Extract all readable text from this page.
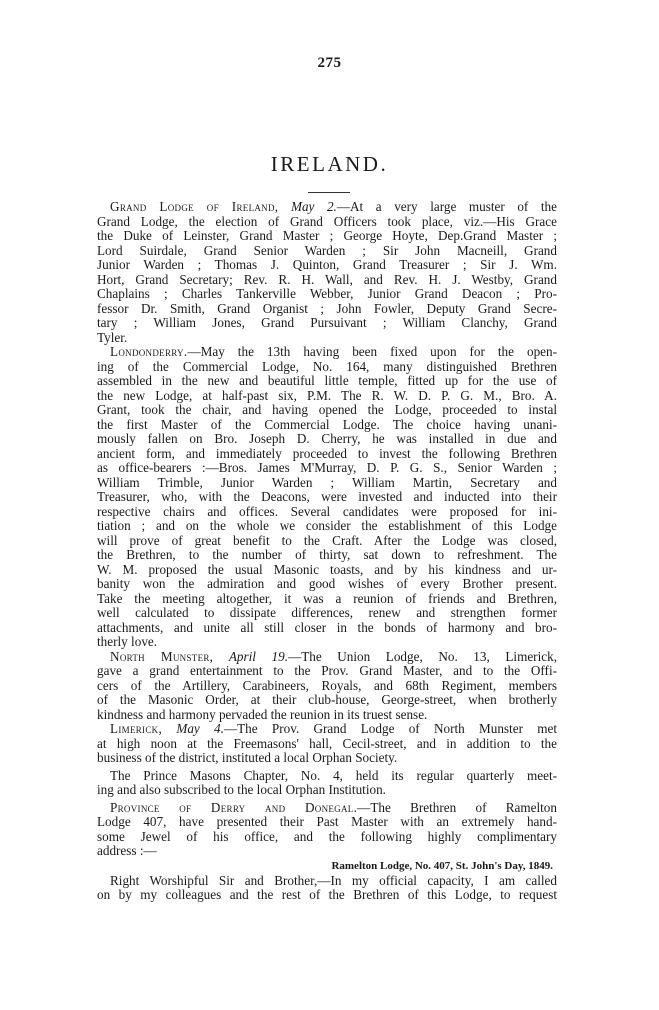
275
IRELAND.
Grand Lodge of Ireland, May 2.—At a very large muster of the
Grand Lodge, the election of Grand Officers took place, viz.—His Grace
the Duke of Leinster, Grand Master ; George Hoyte, Dep.Grand Master ;
Lord Suirdale, Grand Senior Warden ; Sir John Macneill, Grand
Junior Warden ; Thomas J. Quinton, Grand Treasurer ; Sir J. Wm.
Hort, Grand Secretary; Rev. R. H. Wall, and Rev. H. J. Westby, Grand
Chaplains ; Charles Tankerville Webber, Junior Grand Deacon ; Pro-
fessor Dr. Smith, Grand Organist ; John Fowler, Deputy Grand Secre-
tary ; William Jones, Grand Pursuivant ; William Clanchy, Grand
Tyler.
Londonderry.—May the 13th having been fixed upon for the open-
ing of the Commercial Lodge, No. 164, many distinguished Brethren
assembled in the new and beautiful little temple, fitted up for the use of
the new Lodge, at half-past six, P.M. The R. W. D. P. G. M., Bro. A.
Grant, took the chair, and having opened the Lodge, proceeded to instal
the first Master of the Commercial Lodge. The choice having unani-
mously fallen on Bro. Joseph D. Cherry, he was installed in due and
ancient form, and immediately proceeded to invest the following Brethren
as office-bearers :—Bros. James M'Murray, D. P. G. S., Senior Warden ;
William Trimble, Junior Warden ; William Martin, Secretary and
Treasurer, who, with the Deacons, were invested and inducted into their
respective chairs and offices. Several candidates were proposed for ini-
tiation ; and on the whole we consider the establishment of this Lodge
will prove of great benefit to the Craft. After the Lodge was closed,
the Brethren, to the number of thirty, sat down to refreshment. The
W. M. proposed the usual Masonic toasts, and by his kindness and ur-
banity won the admiration and good wishes of every Brother present.
Take the meeting altogether, it was a reunion of friends and Brethren,
well calculated to dissipate differences, renew and strengthen former
attachments, and unite all still closer in the bonds of harmony and bro-
therly love.
North Munster, April 19.—The Union Lodge, No. 13, Limerick,
gave a grand entertainment to the Prov. Grand Master, and to the Offi-
cers of the Artillery, Carabineers, Royals, and 68th Regiment, members
of the Masonic Order, at their club-house, George-street, when brotherly
kindness and harmony pervaded the reunion in its truest sense.
Limerick, May 4.—The Prov. Grand Lodge of North Munster met
at high noon at the Freemasons' hall, Cecil-street, and in addition to the
business of the district, instituted a local Orphan Society.
The Prince Masons Chapter, No. 4, held its regular quarterly meet-
ing and also subscribed to the local Orphan Institution.
Province of Derry and Donegal.—The Brethren of Ramelton
Lodge 407, have presented their Past Master with an extremely hand-
some Jewel of his office, and the following highly complimentary
address :—
Ramelton Lodge, No. 407, St. John's Day, 1849.
Right Worshipful Sir and Brother,—In my official capacity, I am called
on by my colleagues and the rest of the Brethren of this Lodge, to request
